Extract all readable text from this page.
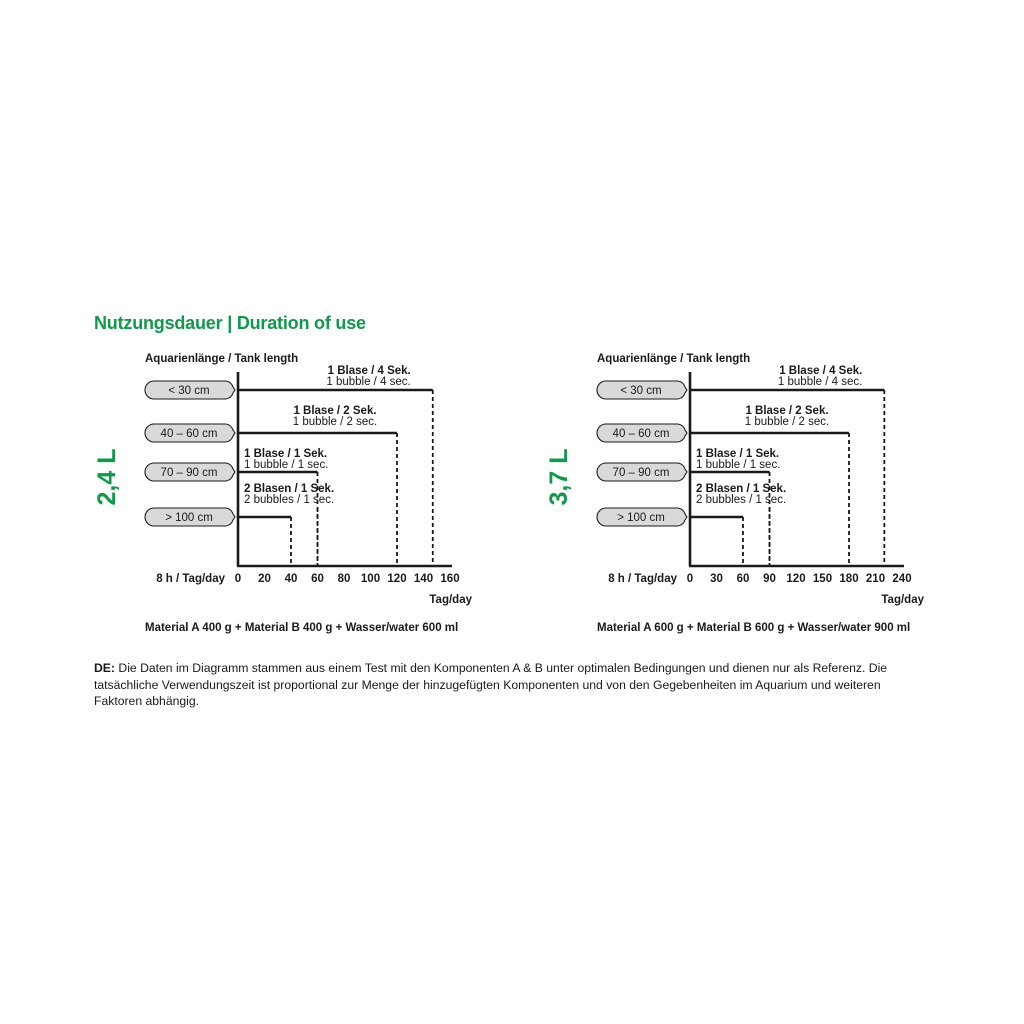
Nutzungsdauer | Duration of use
2,4 L
Aquarienlänge / Tank length
< 30 cm
40 – 60 cm
70 – 90 cm
> 100 cm
1 Blase / 4 Sek.
1 bubble / 4 sec.
1 Blase / 2 Sek.
1 bubble / 2 sec.
1 Blase / 1 Sek.
1 bubble / 1 sec.
2 Blasen / 1 Sek.
2 bubbles / 1 sec.
8 h / Tag/day 0 20 40 60 80 100 120 140 160
Tag/day
Material A 400 g + Material B 400 g + Wasser/water 600 ml
3,7 L
Aquarienlänge / Tank length
< 30 cm
40 – 60 cm
70 – 90 cm
> 100 cm
1 Blase / 4 Sek.
1 bubble / 4 sec.
1 Blase / 2 Sek.
1 bubble / 2 sec.
1 Blase / 1 Sek.
1 bubble / 1 sec.
2 Blasen / 1 Sek.
2 bubbles / 1 sec.
8 h / Tag/day 0 30 60 90 120 150 180 210 240
Tag/day
Material A 600 g + Material B 600 g + Wasser/water 900 ml
DE: Die Daten im Diagramm stammen aus einem Test mit den Komponenten A & B unter optimalen Bedingungen und dienen nur als Referenz. Die tatsächliche Verwendungszeit ist proportional zur Menge der hinzugefügten Komponenten und von den Gegebenheiten im Aquarium und weiteren Faktoren abhängig.
